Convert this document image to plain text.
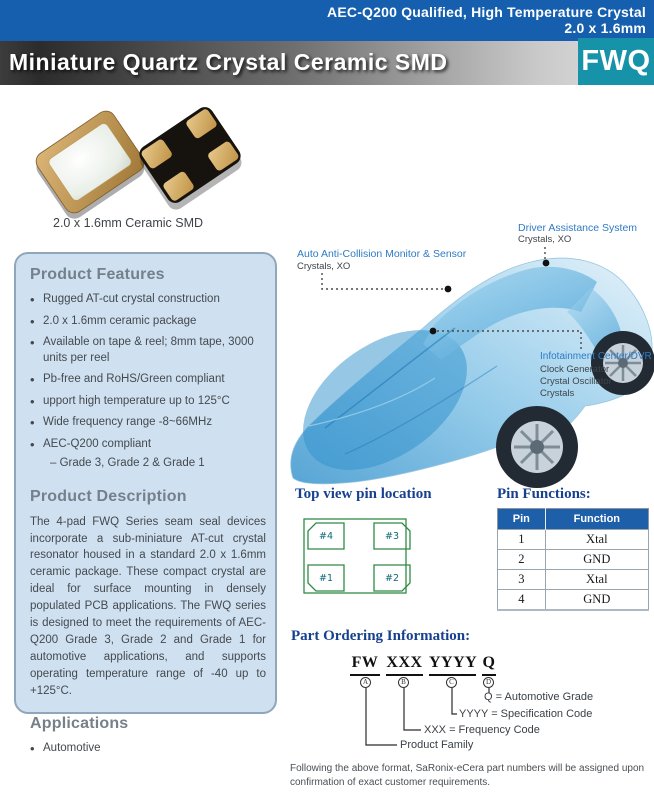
AEC-Q200 Qualified, High Temperature Crystal
2.0 x 1.6mm
Miniature Quartz Crystal Ceramic SMD	FWQ
2.0 x 1.6mm Ceramic SMD
Product Features
• Rugged AT-cut crystal construction
• 2.0 x 1.6mm ceramic package
• Available on tape & reel; 8mm tape, 3000 units per reel
• Pb-free and RoHS/Green compliant
• upport high temperature up to 125°C
• Wide frequency range -8~66MHz
• AEC-Q200 compliant
– Grade 3, Grade 2 & Grade 1
Product Description

The 4-pad FWQ Series seam seal devices incorporate a sub-miniature AT-cut crystal resonator housed in a standard 2.0 x 1.6mm ceramic package. These compact crystal are ideal for surface mounting in densely populated PCB applications. The FWQ series is designed to meet the requirements of AEC-Q200 Grade 3, Grade 2 and Grade 1 for automotive applications, and supports operating temperature range of -40 up to +125°C.

Applications
• Automotive
Auto Anti-Collision Monitor & Sensor
Crystals, XO
Driver Assistance System
Crystals, XO
Infotainment Center/DVR
Clock Generator
Crystal Oscillator
Crystals
Top view pin location
#4	#3
#1	#2
Pin Functions:
Pin	Function
1	Xtal
2	GND
3	Xtal
4	GND
Part Ordering Information:
FW XXX YYYY Q
A	B	C	D
Q = Automotive Grade
YYYY = Specification Code
XXX = Frequency Code
Product Family
Following the above format, SaRonix-eCera part numbers will be assigned upon confirmation of exact customer requirements.
